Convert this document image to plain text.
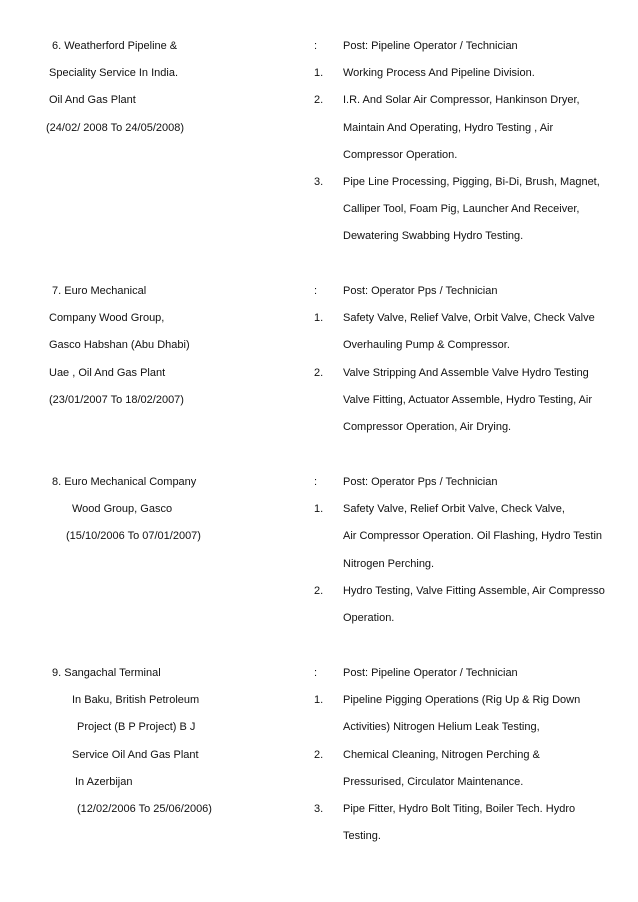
6. Weatherford Pipeline &
Speciality Service In India.
Oil And Gas Plant
(24/02/ 2008 To 24/05/2008)
: Post: Pipeline Operator / Technician
1. Working Process And Pipeline Division.
2. I.R. And Solar Air Compressor, Hankinson Dryer,
Maintain And Operating, Hydro Testing , Air
Compressor Operation.
3. Pipe Line Processing, Pigging, Bi-Di, Brush, Magnet,
Calliper Tool, Foam Pig, Launcher And Receiver,
Dewatering Swabbing Hydro Testing.
7. Euro Mechanical
Company Wood Group,
Gasco Habshan (Abu Dhabi)
Uae , Oil And Gas Plant
(23/01/2007 To 18/02/2007)
: Post: Operator Pps / Technician
1. Safety Valve, Relief Valve, Orbit Valve, Check Valve
Overhauling Pump & Compressor.
2. Valve Stripping And Assemble Valve Hydro Testing
Valve Fitting, Actuator Assemble, Hydro Testing, Air
Compressor Operation, Air Drying.
8. Euro Mechanical Company
Wood Group, Gasco
(15/10/2006 To 07/01/2007)
: Post: Operator Pps / Technician
1. Safety Valve, Relief Orbit Valve, Check Valve,
Air Compressor Operation. Oil Flashing, Hydro Testin
Nitrogen Perching.
2. Hydro Testing, Valve Fitting Assemble, Air Compresso
Operation.
9. Sangachal Terminal
In Baku, British Petroleum
Project (B P Project) B J
Service Oil And Gas Plant
In Azerbijan
(12/02/2006 To 25/06/2006)
: Post: Pipeline Operator / Technician
1. Pipeline Pigging Operations (Rig Up & Rig Down
Activities) Nitrogen Helium Leak Testing,
2. Chemical Cleaning, Nitrogen Perching &
Pressurised, Circulator Maintenance.
3. Pipe Fitter, Hydro Bolt Titing, Boiler Tech. Hydro
Testing.
